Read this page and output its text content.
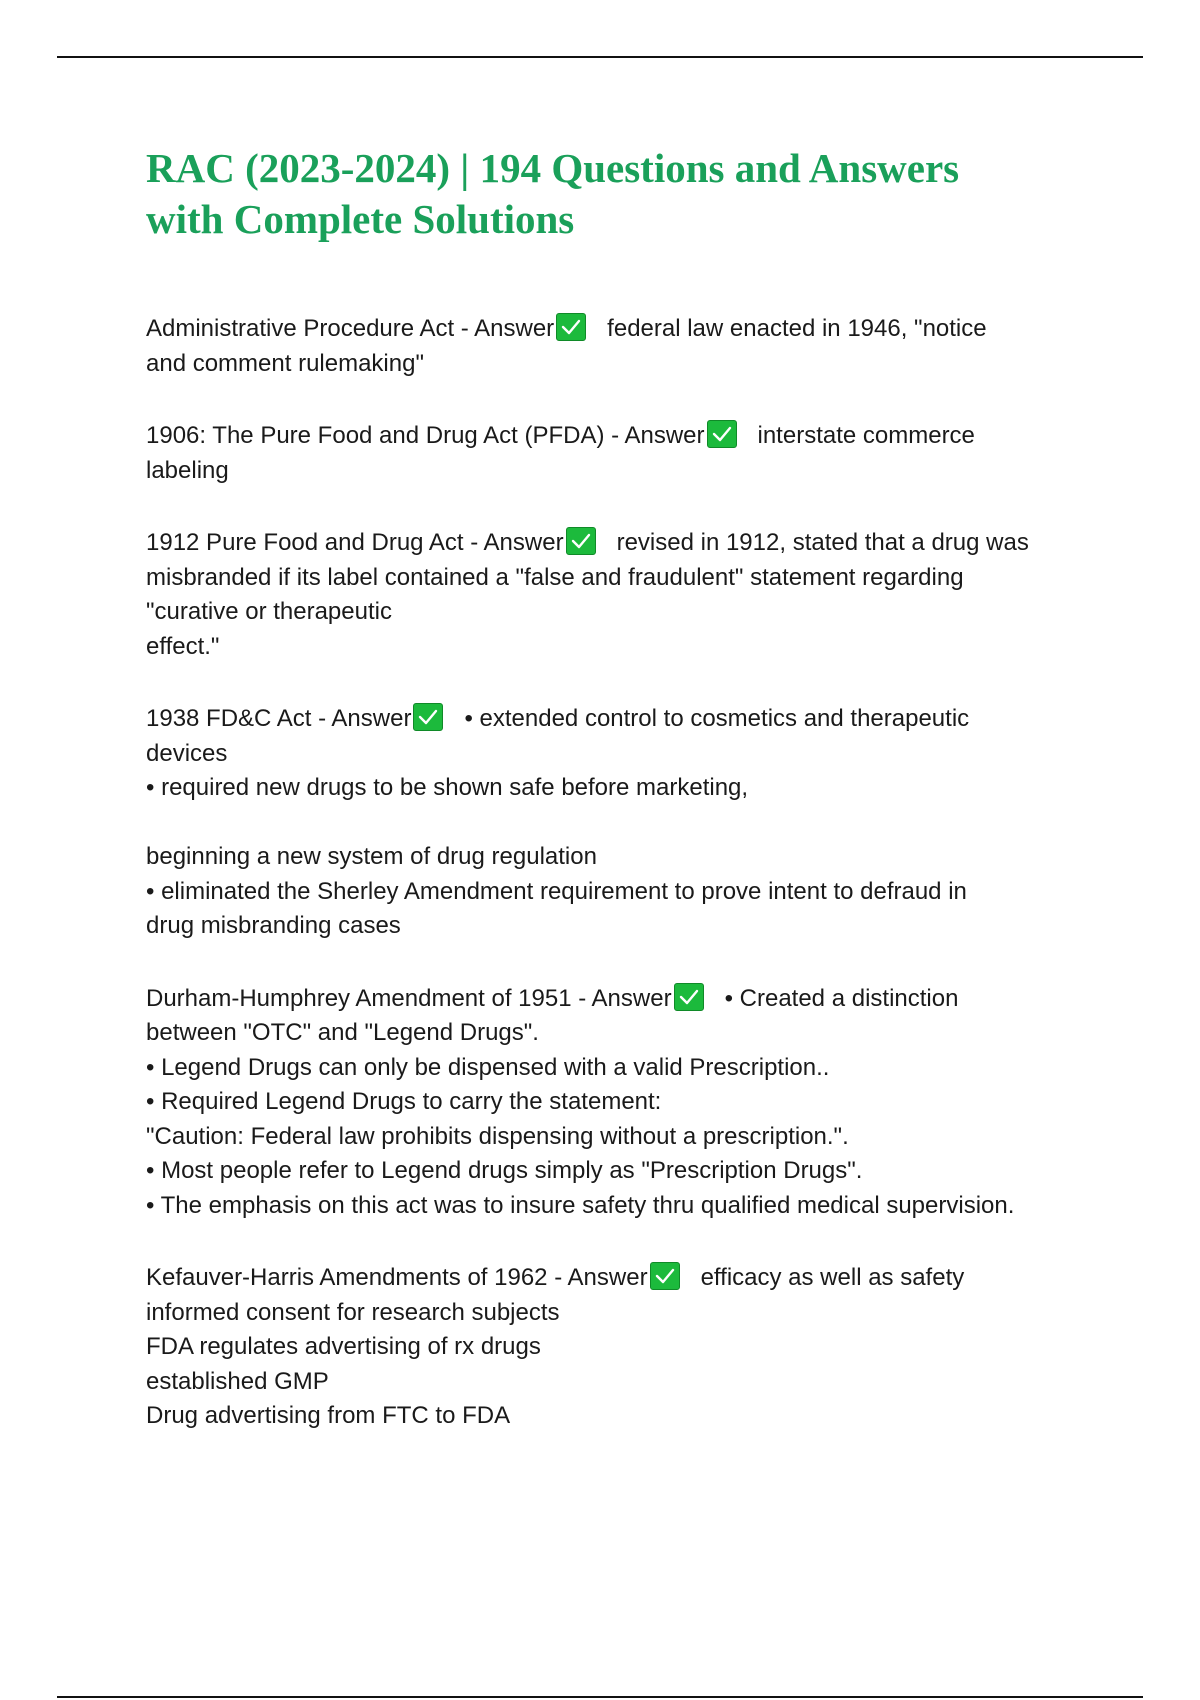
RAC (2023-2024) | 194 Questions and Answers
with Complete Solutions
Administrative Procedure Act - Answer federal law enacted in 1946, "notice
and comment rulemaking"
1906: The Pure Food and Drug Act (PFDA) - Answer interstate commerce
labeling
1912 Pure Food and Drug Act - Answer revised in 1912, stated that a drug was
misbranded if its label contained a "false and fraudulent" statement regarding
"curative or therapeutic
effect."
1938 FD&C Act - Answer • extended control to cosmetics and therapeutic
devices
• required new drugs to be shown safe before marketing,
beginning a new system of drug regulation
• eliminated the Sherley Amendment requirement to prove intent to defraud in
drug misbranding cases
Durham-Humphrey Amendment of 1951 - Answer • Created a distinction
between "OTC" and "Legend Drugs".
• Legend Drugs can only be dispensed with a valid Prescription..
• Required Legend Drugs to carry the statement:
"Caution: Federal law prohibits dispensing without a prescription.".
• Most people refer to Legend drugs simply as "Prescription Drugs".
• The emphasis on this act was to insure safety thru qualified medical supervision.
Kefauver-Harris Amendments of 1962 - Answer efficacy as well as safety
informed consent for research subjects
FDA regulates advertising of rx drugs
established GMP
Drug advertising from FTC to FDA
